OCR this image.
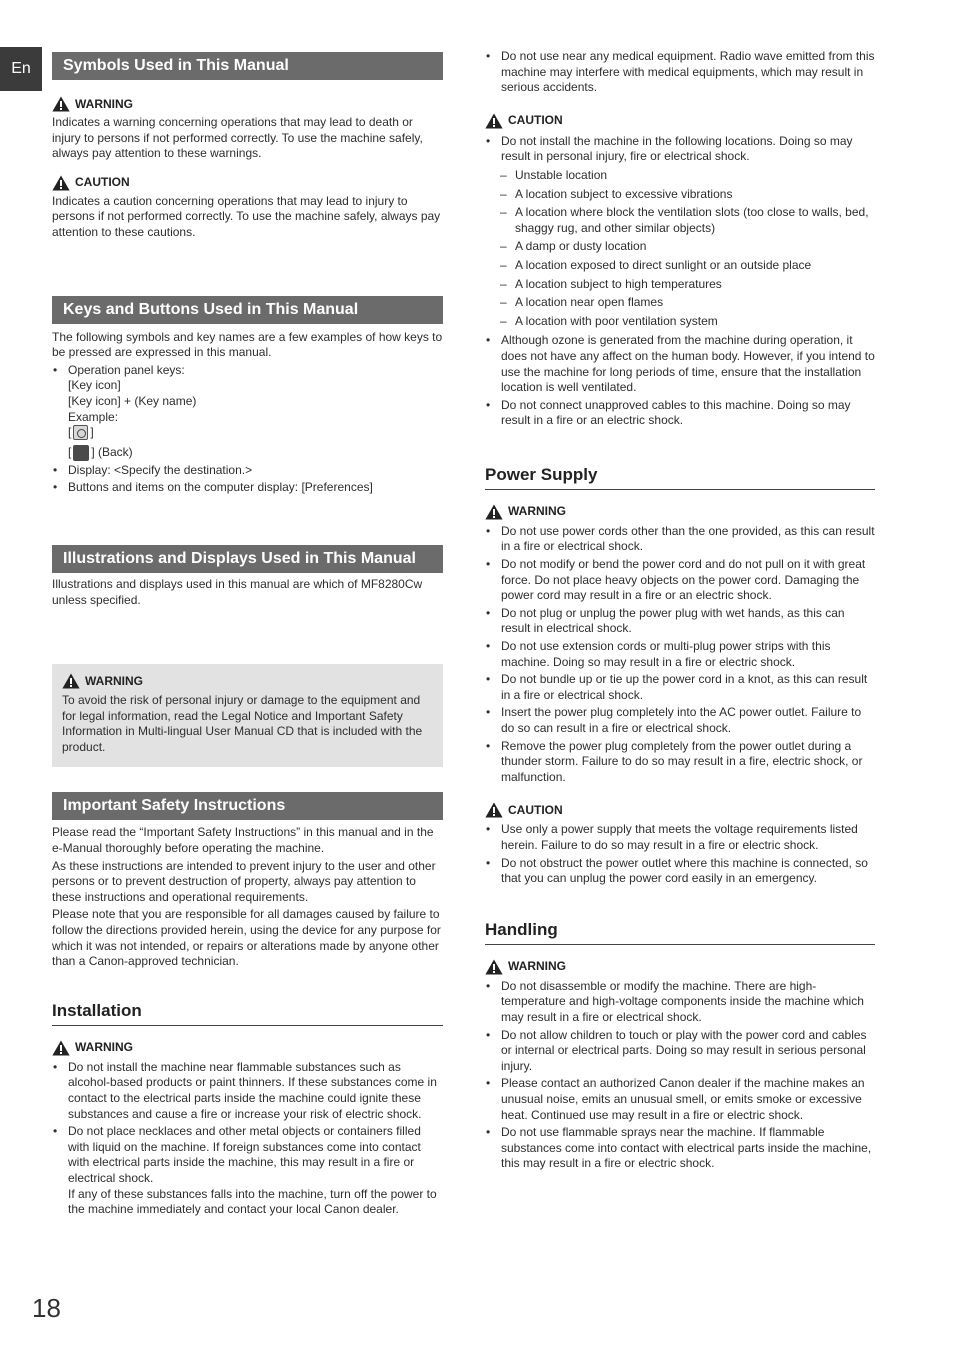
En	Symbols Used in This Manual
WARNING

Indicates a warning concerning operations that may lead to death or injury to persons if not performed correctly. To use the machine safely, always pay attention to these warnings.

CAUTION

Indicates a caution concerning operations that may lead to injury to persons if not performed correctly. To use the machine safely, always pay attention to these cautions.

Keys and Buttons Used in This Manual

The following symbols and key names are a few examples of how keys to be pressed are expressed in this manual.

• Operation panel keys:
[Key icon]
[Key icon] + (Key name)
Example:
[ ]
[ ] (Back)
• Display: <Specify the destination.>
• Buttons and items on the computer display: [Preferences]
Illustrations and Displays Used in This Manual

Illustrations and displays used in this manual are which of MF8280Cw unless specified.

WARNING

To avoid the risk of personal injury or damage to the equipment and for legal information, read the Legal Notice and Important Safety Information in Multi-lingual User Manual CD that is included with the product.

Important Safety Instructions

Please read the “Important Safety Instructions” in this manual and in the e-Manual thoroughly before operating the machine.

As these instructions are intended to prevent injury to the user and other persons or to prevent destruction of property, always pay attention to these instructions and operational requirements.

Please note that you are responsible for all damages caused by failure to follow the directions provided herein, using the device for any purpose for which it was not intended, or repairs or alterations made by anyone other than a Canon-approved technician.

Installation
WARNING
• Do not install the machine near flammable substances such as alcohol-based products or paint thinners. If these substances come in contact to the electrical parts inside the machine could ignite these substances and cause a fire or increase your risk of electric shock.
• Do not place necklaces and other metal objects or containers filled with liquid on the machine. If foreign substances come into contact with electrical parts inside the machine, this may result in a fire or electrical shock.
If any of these substances falls into the machine, turn off the power to the machine immediately and contact your local Canon dealer.
• Do not use near any medical equipment. Radio wave emitted from this machine may interfere with medical equipments, which may result in serious accidents.
CAUTION
• Do not install the machine in the following locations. Doing so may result in personal injury, fire or electrical shock.
– Unstable location
– A location subject to excessive vibrations
– A location where block the ventilation slots (too close to walls, bed, shaggy rug, and other similar objects)
– A damp or dusty location
– A location exposed to direct sunlight or an outside place
– A location subject to high temperatures
– A location near open flames
– A location with poor ventilation system
• Although ozone is generated from the machine during operation, it does not have any affect on the human body. However, if you intend to use the machine for long periods of time, ensure that the installation location is well ventilated.
• Do not connect unapproved cables to this machine. Doing so may result in a fire or an electric shock.
Power Supply
WARNING
• Do not use power cords other than the one provided, as this can result in a fire or electrical shock.
• Do not modify or bend the power cord and do not pull on it with great force. Do not place heavy objects on the power cord. Damaging the power cord may result in a fire or an electric shock.
• Do not plug or unplug the power plug with wet hands, as this can result in electrical shock.
• Do not use extension cords or multi-plug power strips with this machine. Doing so may result in a fire or electric shock.
• Do not bundle up or tie up the power cord in a knot, as this can result in a fire or electrical shock.
• Insert the power plug completely into the AC power outlet. Failure to do so can result in a fire or electrical shock.
• Remove the power plug completely from the power outlet during a thunder storm. Failure to do so may result in a fire, electric shock, or malfunction.
CAUTION
• Use only a power supply that meets the voltage requirements listed herein. Failure to do so may result in a fire or electric shock.
• Do not obstruct the power outlet where this machine is connected, so that you can unplug the power cord easily in an emergency.
Handling
WARNING
• Do not disassemble or modify the machine. There are high-temperature and high-voltage components inside the machine which may result in a fire or electrical shock.
• Do not allow children to touch or play with the power cord and cables or internal or electrical parts. Doing so may result in serious personal injury.
• Please contact an authorized Canon dealer if the machine makes an unusual noise, emits an unusual smell, or emits smoke or excessive heat. Continued use may result in a fire or electric shock.
• Do not use flammable sprays near the machine. If flammable substances come into contact with electrical parts inside the machine, this may result in a fire or electric shock.
18
